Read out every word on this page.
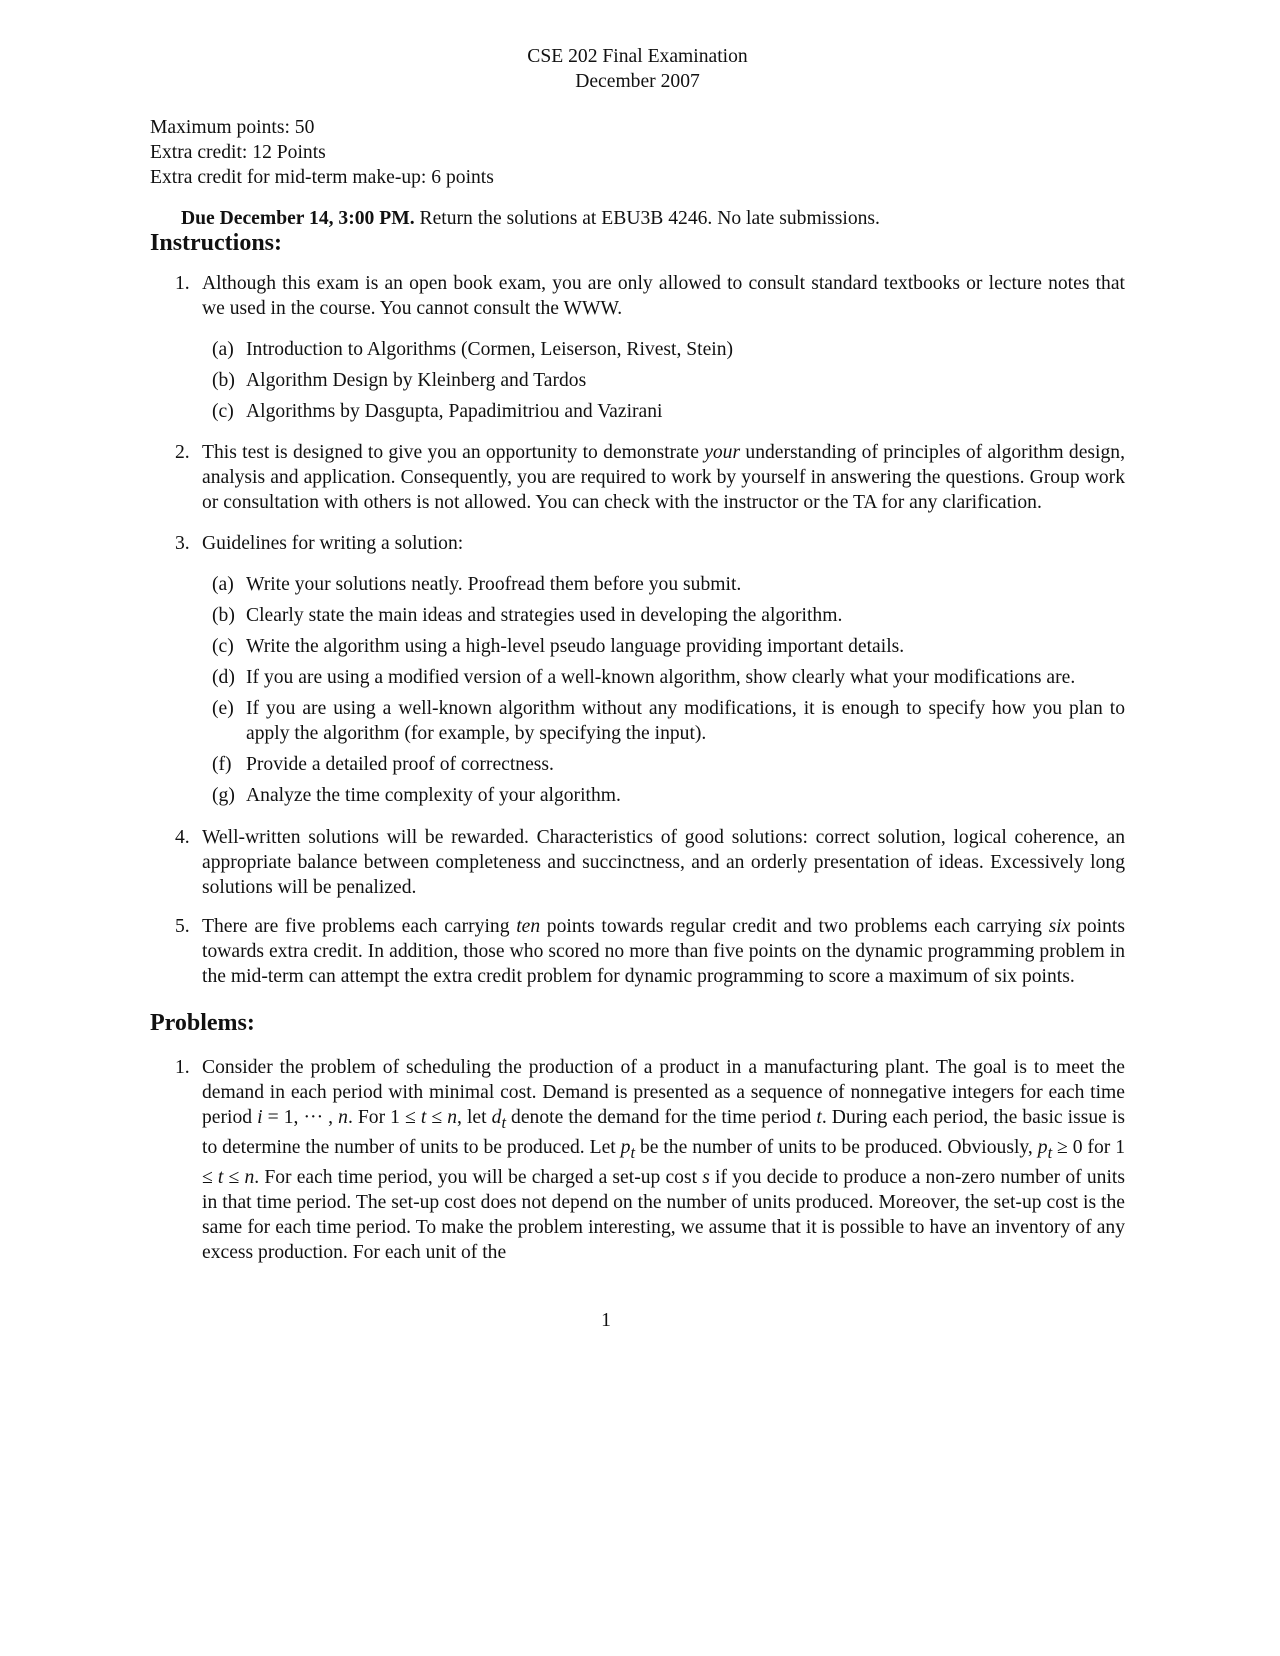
CSE 202 Final Examination
December 2007
Maximum points: 50
Extra credit: 12 Points
Extra credit for mid-term make-up: 6 points
Due December 14, 3:00 PM. Return the solutions at EBU3B 4246. No late submissions.
Instructions:
1. Although this exam is an open book exam, you are only allowed to consult standard textbooks or lecture notes that we used in the course. You cannot consult the WWW.
(a) Introduction to Algorithms (Cormen, Leiserson, Rivest, Stein)
(b) Algorithm Design by Kleinberg and Tardos
(c) Algorithms by Dasgupta, Papadimitriou and Vazirani
2. This test is designed to give you an opportunity to demonstrate your understanding of principles of algorithm design, analysis and application. Consequently, you are required to work by yourself in answering the questions. Group work or consultation with others is not allowed. You can check with the instructor or the TA for any clarification.
3. Guidelines for writing a solution:
(a) Write your solutions neatly. Proofread them before you submit.
(b) Clearly state the main ideas and strategies used in developing the algorithm.
(c) Write the algorithm using a high-level pseudo language providing important details.
(d) If you are using a modified version of a well-known algorithm, show clearly what your modifications are.
(e) If you are using a well-known algorithm without any modifications, it is enough to specify how you plan to apply the algorithm (for example, by specifying the input).
(f) Provide a detailed proof of correctness.
(g) Analyze the time complexity of your algorithm.
4. Well-written solutions will be rewarded. Characteristics of good solutions: correct solution, logical coherence, an appropriate balance between completeness and succinctness, and an orderly presentation of ideas. Excessively long solutions will be penalized.
5. There are five problems each carrying ten points towards regular credit and two problems each carrying six points towards extra credit. In addition, those who scored no more than five points on the dynamic programming problem in the mid-term can attempt the extra credit problem for dynamic programming to score a maximum of six points.
Problems:
1. Consider the problem of scheduling the production of a product in a manufacturing plant. The goal is to meet the demand in each period with minimal cost. Demand is presented as a sequence of nonnegative integers for each time period i = 1, ··· , n. For 1 ≤ t ≤ n, let $d_t$ denote the demand for the time period t. During each period, the basic issue is to determine the number of units to be produced. Let $p_t$ be the number of units to be produced. Obviously, $p_t \ge 0$ for 1 ≤ t ≤ n. For each time period, you will be charged a set-up cost s if you decide to produce a non-zero number of units in that time period. The set-up cost does not depend on the number of units produced. Moreover, the set-up cost is the same for each time period. To make the problem interesting, we assume that it is possible to have an inventory of any excess production. For each unit of the
1
